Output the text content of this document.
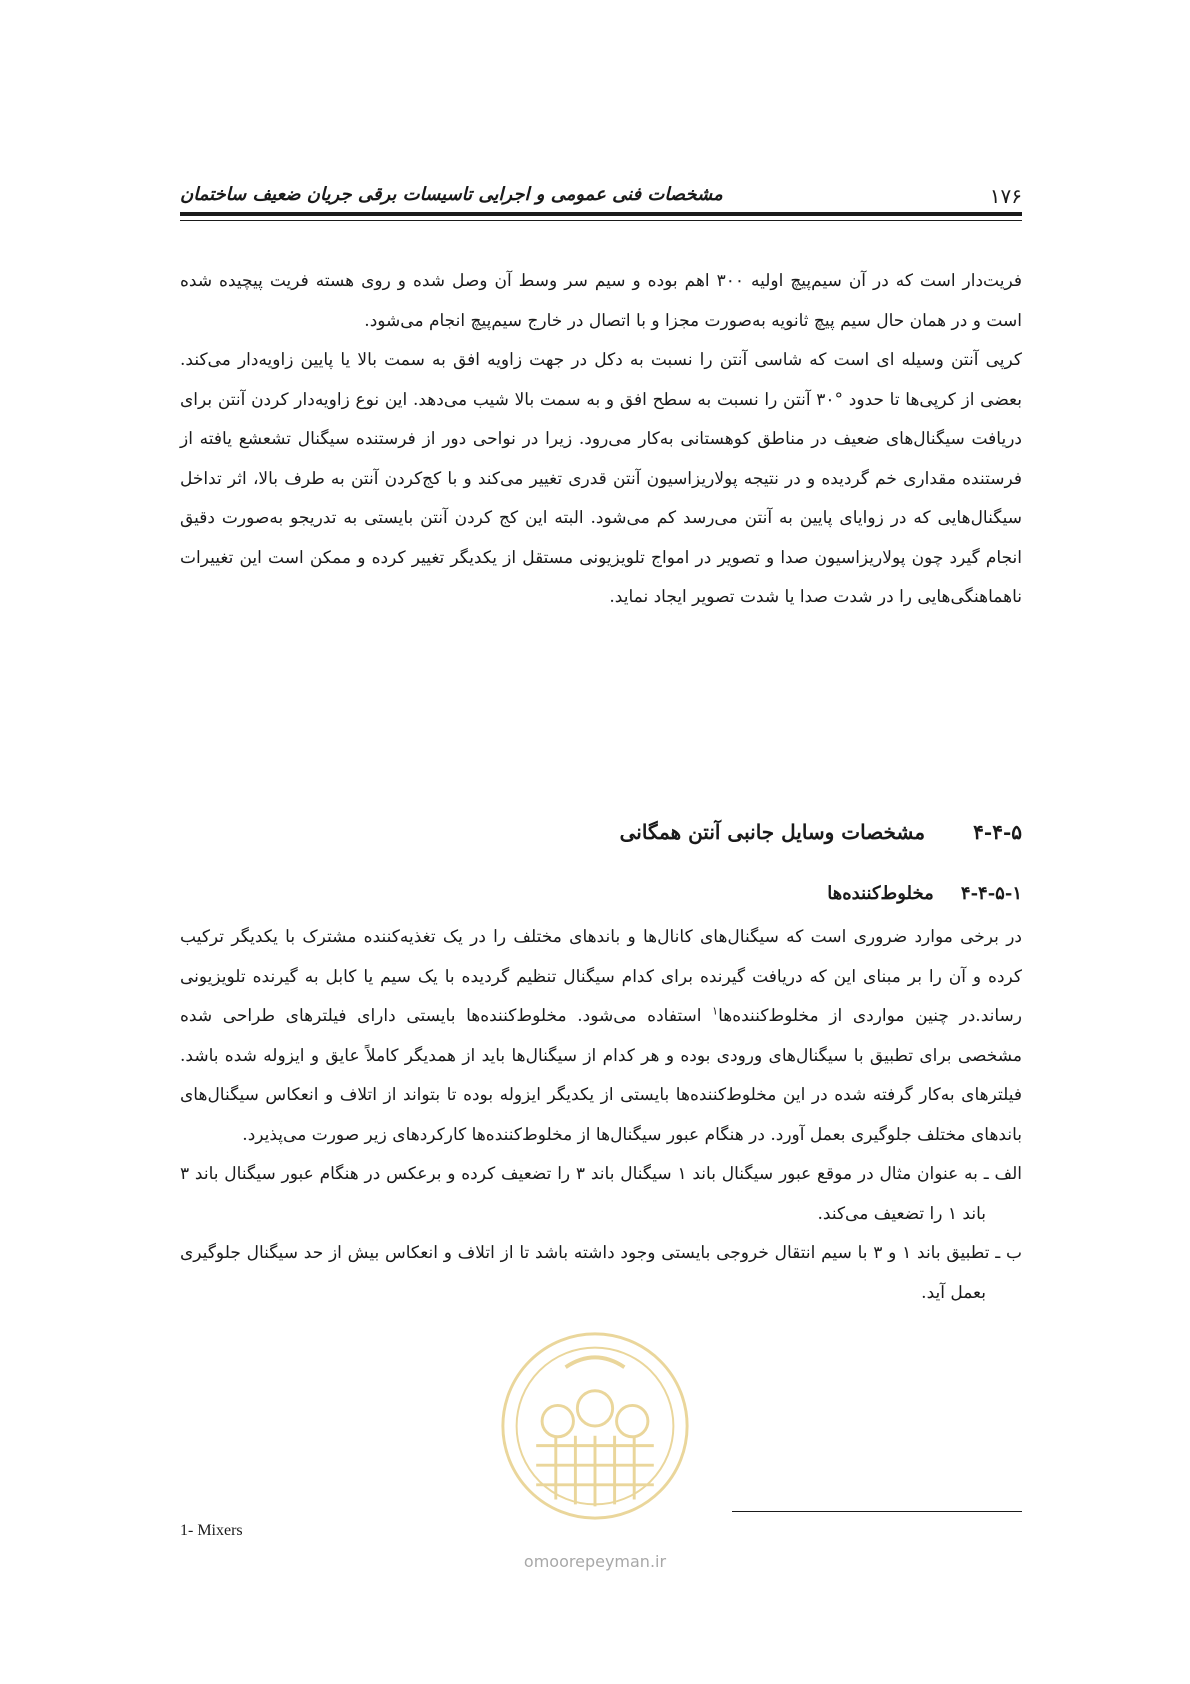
۱۷۶
مشخصات فنی عمومی و اجرایی تاسیسات برقی جریان ضعیف ساختمان

فریت‌دار است که در آن سیم‌پیچ اولیه ۳۰۰ اهم بوده و سیم سر وسط آن وصل شده و روی هسته فریت پیچیده شده است و در همان حال سیم پیچ ثانویه به‌صورت مجزا و با اتصال در خارج سیم‌پیچ انجام می‌شود.

کرپی آنتن وسیله ای است که شاسی آنتن را نسبت به دکل در جهت زاویه افق به سمت بالا یا پایین زاویه‌دار می‌کند. بعضی از کرپی‌ها تا حدود °۳۰ آنتن را نسبت به سطح افق و به سمت بالا شیب می‌دهد. این نوع زاویه‌دار کردن آنتن برای دریافت سیگنال‌های ضعیف در مناطق کوهستانی به‌کار می‌رود. زیرا در نواحی دور از فرستنده سیگنال تشعشع یافته از فرستنده مقداری خم گردیده و در نتیجه پولاریزاسیون آنتن قدری تغییر می‌کند و با کج‌کردن آنتن به طرف بالا، اثر تداخل سیگنال‌هایی که در زوایای پایین به آنتن می‌رسد کم می‌شود. البته این کج کردن آنتن بایستی به تدریجو به‌صورت دقیق انجام گیرد چون پولاریزاسیون صدا و تصویر در امواج تلویزیونی مستقل از یکدیگر تغییر کرده و ممکن است این تغییرات ناهماهنگی‌هایی را در شدت صدا یا شدت تصویر ایجاد نماید.

۴-۴-۵ مشخصات وسایل جانبی آنتن همگانی
۴-۴-۵-۱ مخلوط‌کننده‌ها

در برخی موارد ضروری است که سیگنال‌های کانال‌ها و باندهای مختلف را در یک تغذیه‌کننده مشترک با یکدیگر ترکیب کرده و آن را بر مبنای این که دریافت گیرنده برای کدام سیگنال تنظیم گردیده با یک سیم یا کابل به گیرنده تلویزیونی رساند.در چنین مواردی از مخلوط‌کننده‌ها$^۱$ استفاده می‌شود. مخلوط‌کننده‌ها بایستی دارای فیلترهای طراحی شده مشخصی برای تطبیق با سیگنال‌های ورودی بوده و هر کدام از سیگنال‌ها باید از همدیگر کاملاً عایق و ایزوله شده باشد. فیلترهای به‌کار گرفته شده در این مخلوط‌کننده‌ها بایستی از یکدیگر ایزوله بوده تا بتواند از اتلاف و انعکاس سیگنال‌های باندهای مختلف جلوگیری بعمل آورد. در هنگام عبور سیگنال‌ها از مخلوط‌کننده‌ها کارکردهای زیر صورت می‌پذیرد.

الف ـ به عنوان مثال در موقع عبور سیگنال باند ۱ سیگنال باند ۳ را تضعیف کرده و برعکس در هنگام عبور سیگنال باند ۳ باند ۱ را تضعیف می‌کند.

ب ـ تطبیق باند ۱ و ۳ با سیم انتقال خروجی بایستی وجود داشته باشد تا از اتلاف و انعکاس بیش از حد سیگنال جلوگیری بعمل آید.

1- Mixers
omoorepeyman.ir
